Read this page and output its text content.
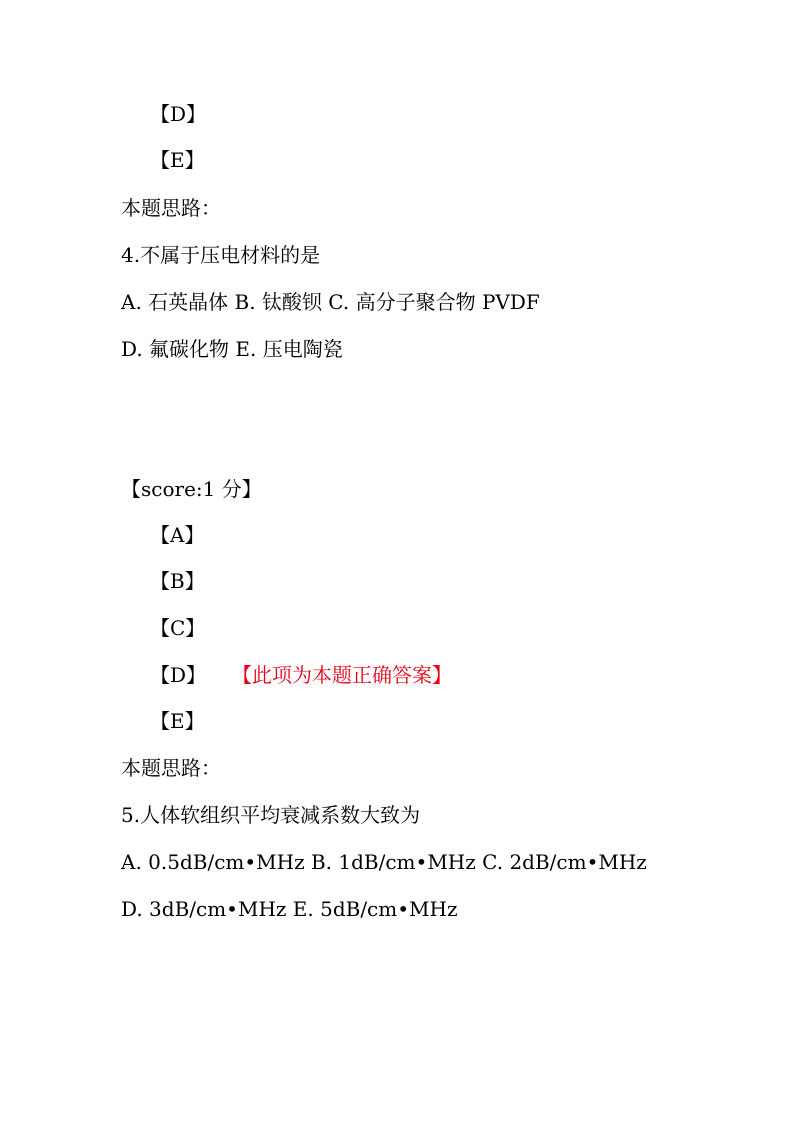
【D】
【E】
本题思路：
4.不属于压电材料的是
A. 石英晶体 B. 钛酸钡 C. 高分子聚合物 PVDF
D. 氟碳化物 E. 压电陶瓷
【score:1 分】
【A】
【B】
【C】
【D】 【此项为本题正确答案】
【E】
本题思路：
5.人体软组织平均衰减系数大致为
A. 0.5dB/cm•MHz B. 1dB/cm•MHz C. 2dB/cm•MHz
D. 3dB/cm•MHz E. 5dB/cm•MHz
